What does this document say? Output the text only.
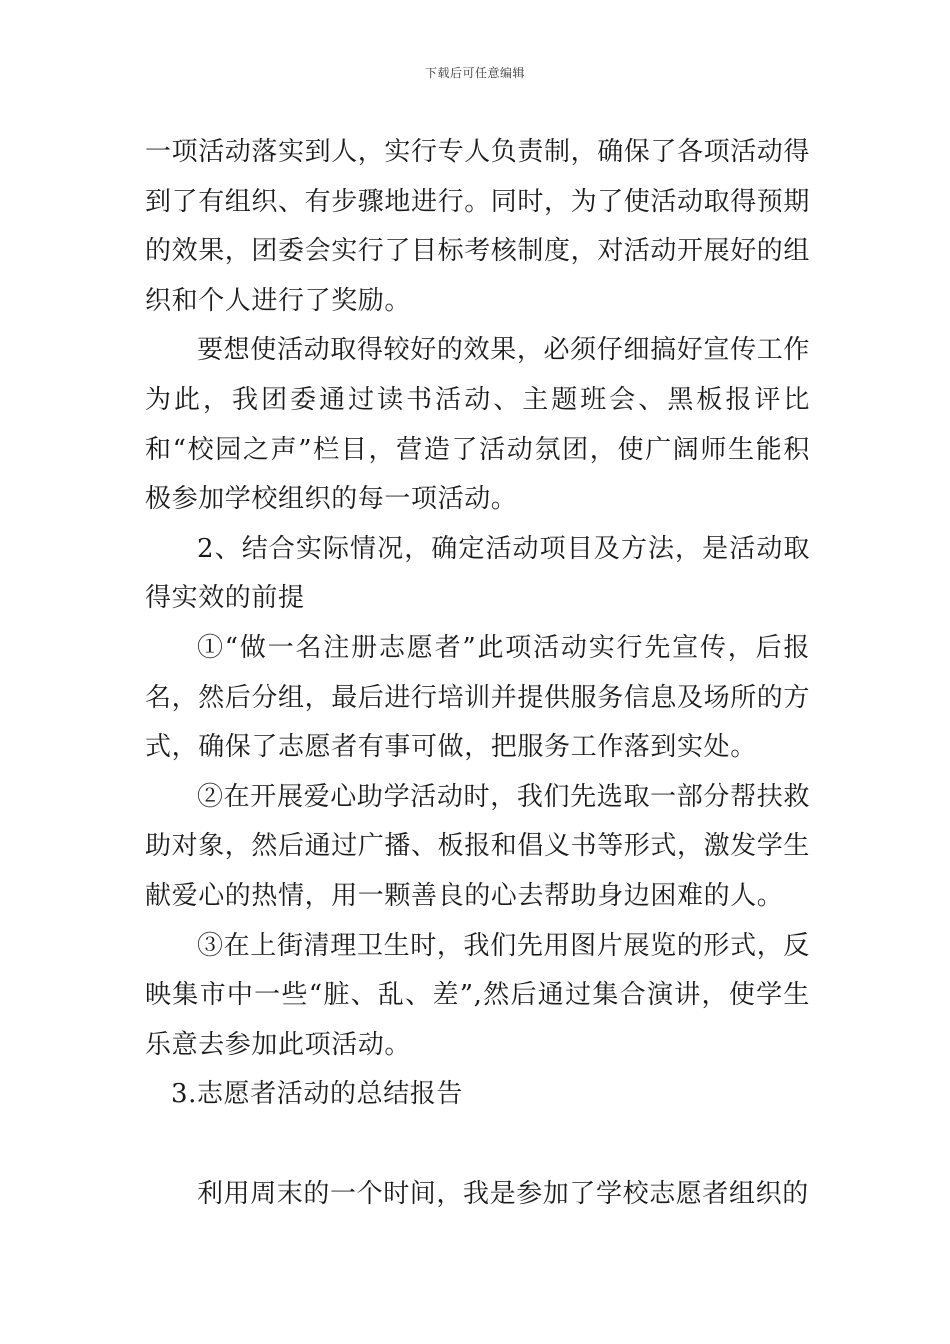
下载后可任意编辑

一项活动落实到人，实行专人负责制，确保了各项活动得到了有组织、有步骤地进行。同时，为了使活动取得预期的效果，团委会实行了目标考核制度，对活动开展好的组织和个人进行了奖励。

要想使活动取得较好的效果，必须仔细搞好宣传工作为此，我团委通过读书活动、主题班会、黑板报评比和“校园之声”栏目，营造了活动氛团，使广阔师生能积极参加学校组织的每一项活动。

2、结合实际情况，确定活动项目及方法，是活动取得实效的前提

①“做一名注册志愿者”此项活动实行先宣传，后报名，然后分组，最后进行培训并提供服务信息及场所的方式，确保了志愿者有事可做，把服务工作落到实处。

②在开展爱心助学活动时，我们先选取一部分帮扶救助对象，然后通过广播、板报和倡义书等形式，激发学生献爱心的热情，用一颗善良的心去帮助身边困难的人。

③在上街清理卫生时，我们先用图片展览的形式，反映集市中一些“脏、乱、差”,然后通过集合演讲，使学生乐意去参加此项活动。

3.志愿者活动的总结报告

利用周末的一个时间，我是参加了学校志愿者组织的
